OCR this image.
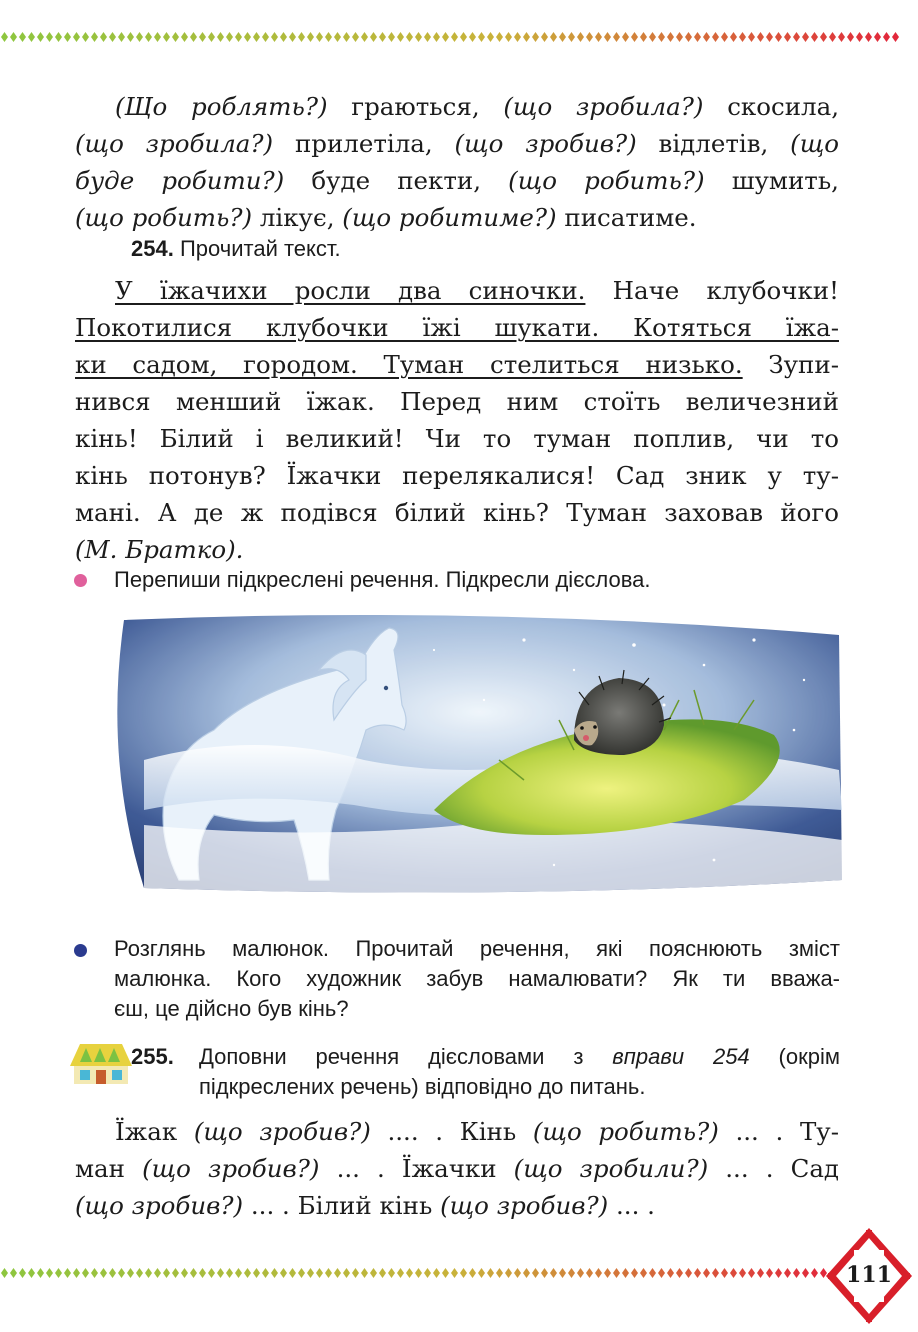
(Що роблять?) граються, (що зробила?) скосила,
(що зробила?) прилетіла, (що зробив?) відлетів, (що
буде робити?) буде пекти, (що робить?) шумить,
(що робить?) лікує, (що робитиме?) писатиме.
254. Прочитай текст.
У їжачихи росли два синочки. Наче клубочки!
Покотилися клубочки їжі шукати. Котяться їжа-
ки садом, городом. Туман стелиться низько. Зупи-
нився менший їжак. Перед ним стоїть величезний
кінь! Білий і великий! Чи то туман поплив, чи то
кінь потонув? Їжачки перелякалися! Сад зник у ту-
мані. А де ж подівся білий кінь? Туман заховав його
(М. Братко).
Перепиши підкреслені речення. Підкресли дієслова.
Розглянь малюнок. Прочитай речення, які пояснюють зміст
малюнка. Кого художник забув намалювати? Як ти вважа-
єш, це дійсно був кінь?
255. Доповни речення дієсловами з вправи 254 (окрім
підкреслених речень) відповідно до питань.
Їжак (що зробив?) .... . Кінь (що робить?) ... . Ту-
ман (що зробив?) ... . Їжачки (що зробили?) ... . Сад
(що зробив?) ... . Білий кінь (що зробив?) ... .
111
